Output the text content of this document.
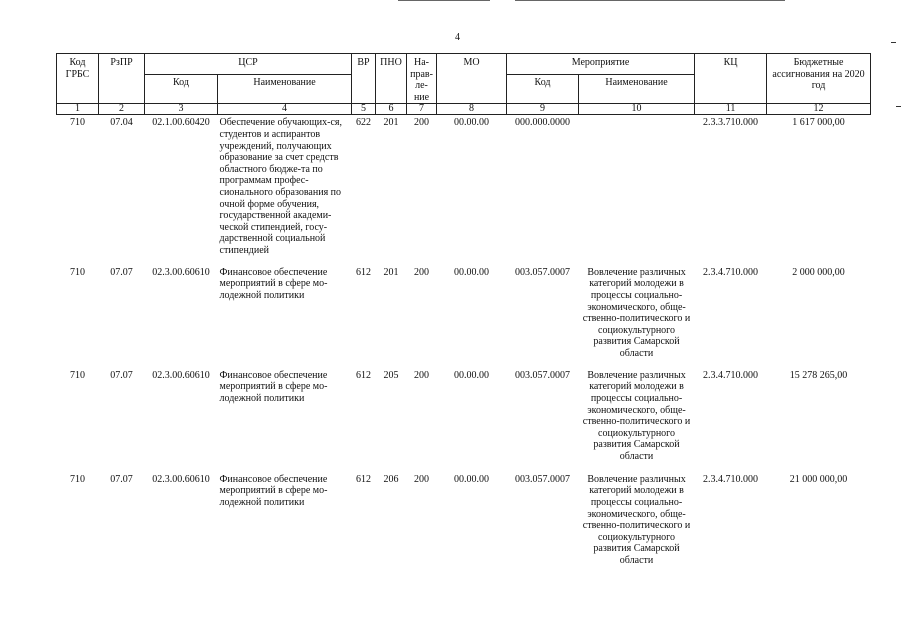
4
Код ГРБС	РзПР	ЦСР		ВР	ПНО	На-прав-ле-ние	МО	Мероприятие		КЦ	Бюджетные ассигнования на 2020 год
		Код	Наименование					Код	Наименование		
1	2	3	4	5	6	7	8	9	10	11	12
710	07.04	02.1.00.60420	Обеспечение обучающих-ся, студентов и аспирантов учреждений, получающих образование за счет средств областного бюдже-та по программам профес-сионального образования по очной форме обучения, государственной академи-ческой стипендией, госу-дарственной социальной стипендией	622	201	200	00.00.00	000.000.0000		2.3.3.710.000	1 617 000,00
710	07.07	02.3.00.60610	Финансовое обеспечение мероприятий в сфере мо-лодежной политики	612	201	200	00.00.00	003.057.0007	Вовлечение различных категорий молодежи в процессы социально-экономического, обще-ственно-политического и социокультурного развития Самарской области	2.3.4.710.000	2 000 000,00
710	07.07	02.3.00.60610	Финансовое обеспечение мероприятий в сфере мо-лодежной политики	612	205	200	00.00.00	003.057.0007	Вовлечение различных категорий молодежи в процессы социально-экономического, обще-ственно-политического и социокультурного развития Самарской области	2.3.4.710.000	15 278 265,00
710	07.07	02.3.00.60610	Финансовое обеспечение мероприятий в сфере мо-лодежной политики	612	206	200	00.00.00	003.057.0007	Вовлечение различных категорий молодежи в процессы социально-экономического, обще-ственно-политического и социокультурного развития Самарской области	2.3.4.710.000	21 000 000,00
